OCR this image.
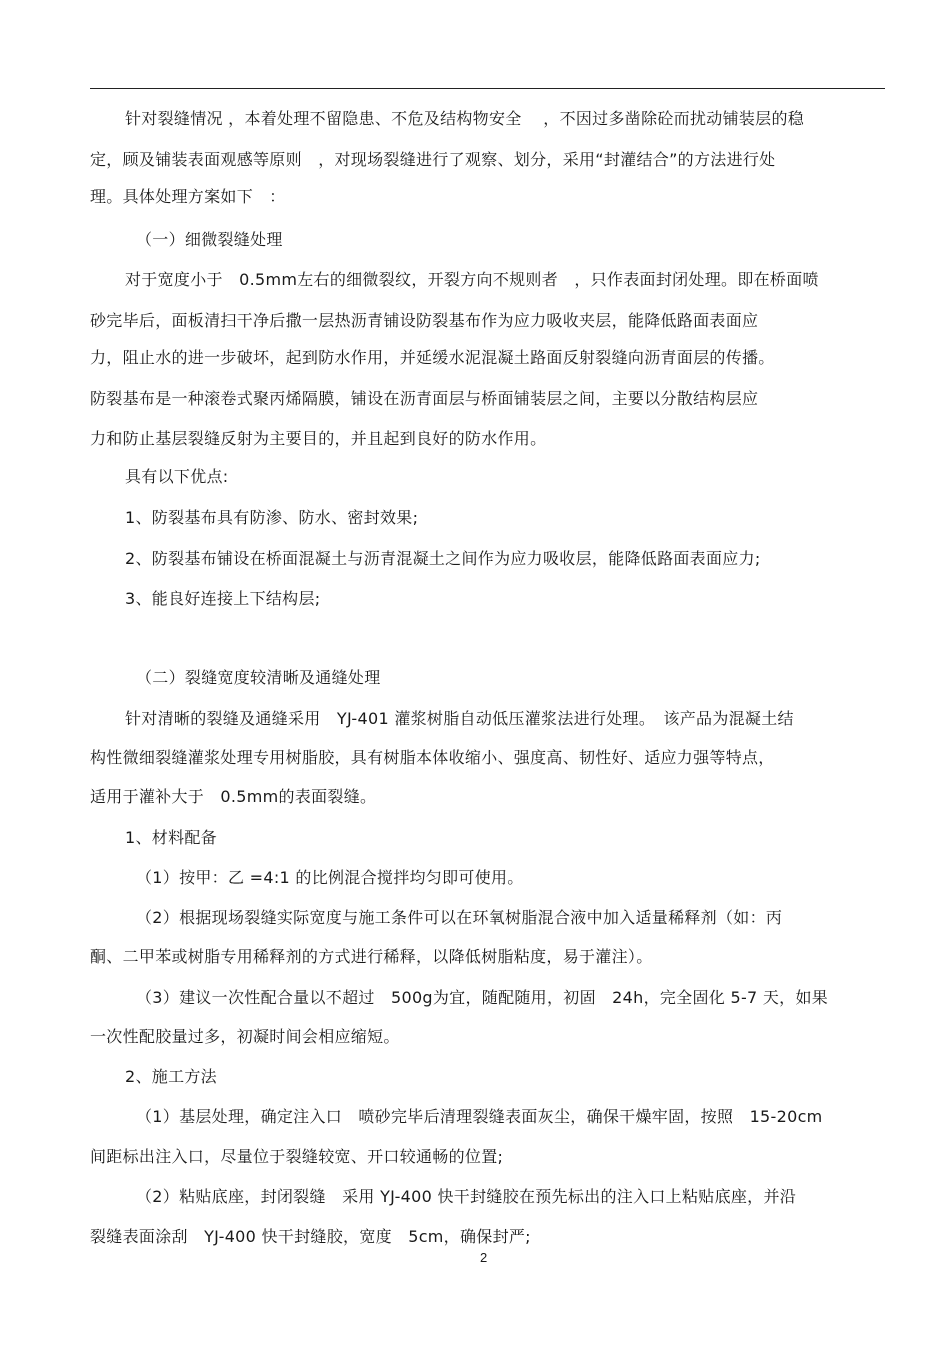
针对裂缝情况 ，本着处理不留隐患、不危及结构物安全　 ，不因过多凿除砼而扰动铺装层的稳
定，顾及铺装表面观感等原则　，对现场裂缝进行了观察、划分，采用“封灌结合”的方法进行处
理。具体处理方案如下　：
（一）细微裂缝处理
对于宽度小于　0.5mm左右的细微裂纹，开裂方向不规则者　，只作表面封闭处理。即在桥面喷
砂完毕后，面板清扫干净后撒一层热沥青铺设防裂基布作为应力吸收夹层，能降低路面表面应
力，阻止水的进一步破坏，起到防水作用，并延缓水泥混凝土路面反射裂缝向沥青面层的传播。
防裂基布是一种滚卷式聚丙烯隔膜，铺设在沥青面层与桥面铺装层之间，主要以分散结构层应
力和防止基层裂缝反射为主要目的，并且起到良好的防水作用。
具有以下优点:
1、防裂基布具有防渗、防水、密封效果;
2、防裂基布铺设在桥面混凝土与沥青混凝土之间作为应力吸收层，能降低路面表面应力;
3、能良好连接上下结构层;
（二）裂缝宽度较清晰及通缝处理
针对清晰的裂缝及通缝采用　YJ-401 灌浆树脂自动低压灌浆法进行处理。　该产品为混凝土结
构性微细裂缝灌浆处理专用树脂胶，具有树脂本体收缩小、强度高、韧性好、适应力强等特点，
适用于灌补大于　0.5mm的表面裂缝。
1、材料配备
（1）按甲：乙 =4:1 的比例混合搅拌均匀即可使用。
（2）根据现场裂缝实际宽度与施工条件可以在环氧树脂混合液中加入适量稀释剂（如：丙
酮、二甲苯或树脂专用稀释剂的方式进行稀释，以降低树脂粘度，易于灌注）。
（3）建议一次性配合量以不超过　500g为宜，随配随用，初固　24h，完全固化 5-7 天，如果
一次性配胶量过多，初凝时间会相应缩短。
2、施工方法
（1）基层处理，确定注入口　喷砂完毕后清理裂缝表面灰尘，确保干燥牢固，按照　15-20cm
间距标出注入口，尽量位于裂缝较宽、开口较通畅的位置;
（2）粘贴底座，封闭裂缝　采用 YJ-400 快干封缝胶在预先标出的注入口上粘贴底座，并沿
裂缝表面涂刮　YJ-400 快干封缝胶，宽度　5cm，确保封严;
2
